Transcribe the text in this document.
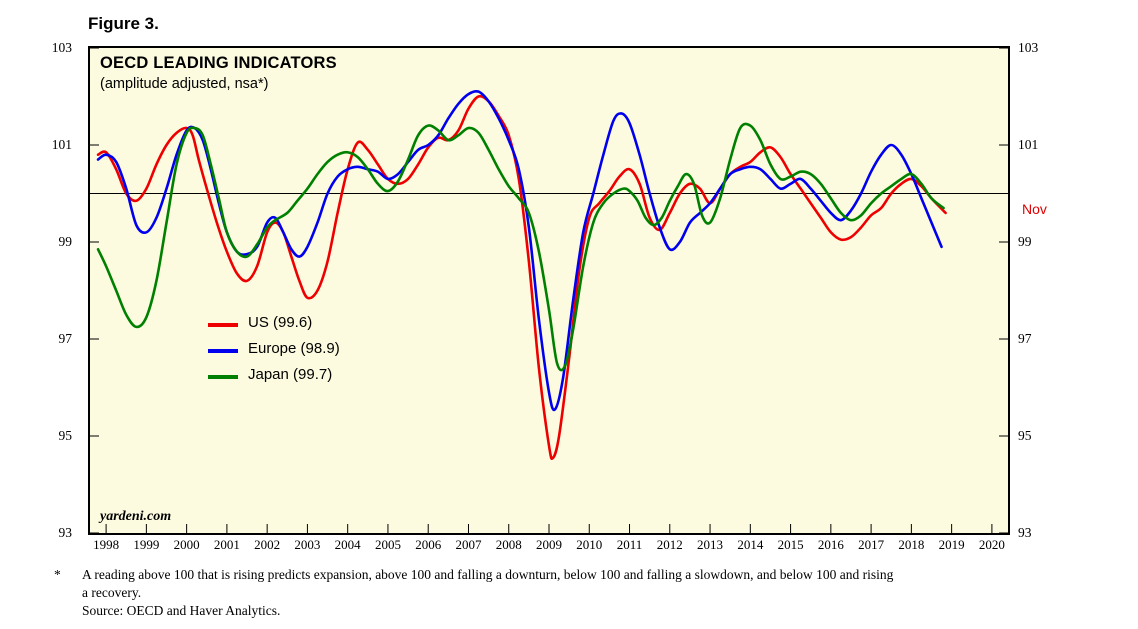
Figure 3.
OECD LEADING INDICATORS
(amplitude adjusted, nsa*)
yardeni.com
93
95
97
99
101
103
93
95
97
99
101
103
1998	1999	2000	2001	2002	2003	2004	2005	2006	2007	2008	2009	2010	2011	2012	2013	2014	2015	2016	2017	2018	2019	2020
US (99.6)
Europe (98.9)
Japan (99.7)
Nov
* A reading above 100 that is rising predicts expansion, above 100 and falling a downturn, below 100 and falling a slowdown, and below 100 and rising
a recovery.
Source: OECD and Haver Analytics.
